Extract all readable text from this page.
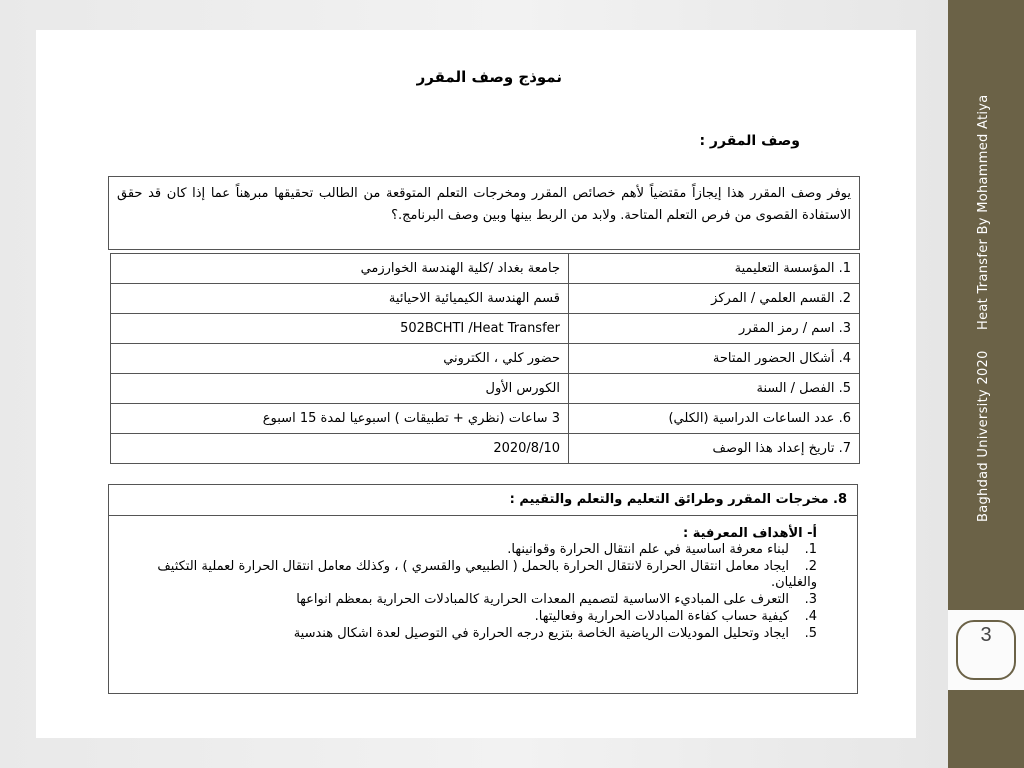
نموذج وصف المقرر
وصف المقرر :

يوفر وصف المقرر هذا إيجازاً مقتضياً لأهم خصائص المقرر ومخرجات التعلم المتوقعة من الطالب تحقيقها مبرهناً عما إذا كان قد حقق الاستفادة القصوى من فرص التعلم المتاحة. ولابد من الربط بينها وبين وصف البرنامج.؟

جامعة بغداد /كلية الهندسة الخوارزمي	1. المؤسسة التعليمية
قسم الهندسة الكيميائية الاحيائية	2. القسم العلمي / المركز
502BCHTI /Heat Transfer	3. اسم / رمز المقرر
حضور كلي ، الكتروني	4. أشكال الحضور المتاحة
الكورس الأول	5. الفصل / السنة
3 ساعات (نظري + تطبيقات ) اسبوعيا لمدة 15 اسبوع	6. عدد الساعات الدراسية (الكلي)
2020/8/10	7. تاريخ إعداد هذا الوصف
8. مخرجات المقرر وطرائق التعليم والتعلم والتقييم :
أ- الأهداف المعرفية :
1.لبناء معرفة اساسية في علم انتقال الحرارة وقوانينها.
2.ايجاد معامل انتقال الحرارة لانتقال الحرارة بالحمل ( الطبيعي والقسري ) ، وكذلك معامل انتقال الحرارة لعملية التكثيف والغليان.
3.التعرف على المباديء الاساسية لتصميم المعدات الحرارية كالمبادلات الحرارية بمعظم انواعها
4.كيفية حساب كفاءة المبادلات الحرارية وفعاليتها.
5.ايجاد وتحليل الموديلات الرياضية الخاصة بتزيع درجه الحرارة في التوصيل لعدة اشكال هندسية
Heat Transfer By Mohammed Atiya
Baghdad University 2020
3
